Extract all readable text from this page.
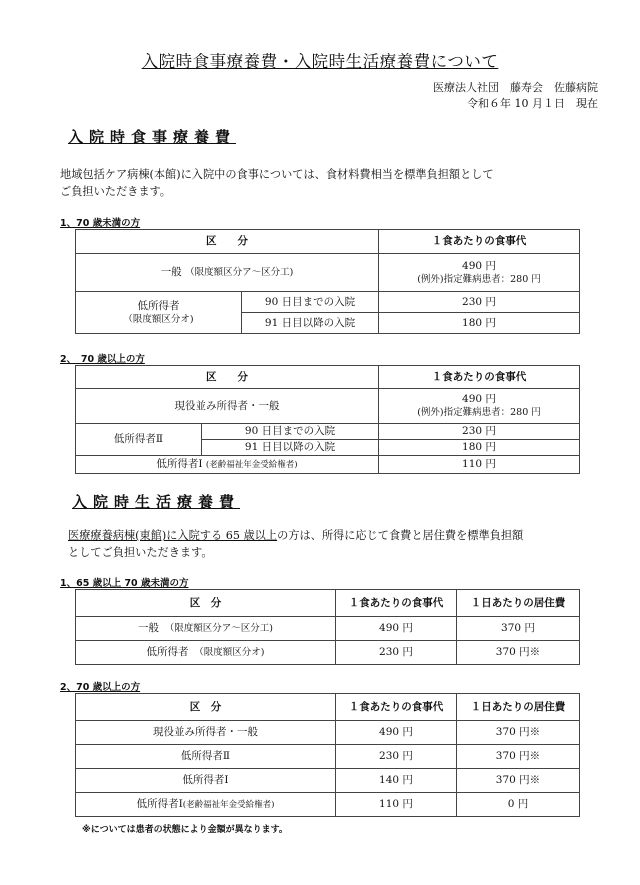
入院時食事療養費・入院時生活療養費について
医療法人社団　藤寿会　佐藤病院
令和６年 10 月１日　現在
入院時食事療養費
地域包括ケア病棟(本館)に入院中の食事については、食材料費相当を標準負担額として
ご負担いただきます。
1、70 歳未満の方
区　　分		１食あたりの食事代
一般 （限度額区分ア～区分工)		490 円
(例外)指定難病患者：280 円

低所得者
（限度額区分オ)	90 日目までの入院	230 円
	91 日目以降の入院	180 円
2、　70 歳以上の方
区　　分		１食あたりの食事代
現役並み所得者・一般		490 円
(例外)指定難病患者：280 円

低所得者Ⅱ	90 日目までの入院	230 円
	91 日目以降の入院	180 円
低所得者Ⅰ (老齢福祉年金受給権者)		110 円
入院時生活療養費
医療療養病棟(東館)に入院する 65 歳以上の方は、所得に応じて食費と居住費を標準負担額
としてご負担いただきます。
1、65 歳以上 70 歳未満の方
区　分	１食あたりの食事代	１日あたりの居住費
一般　 （限度額区分ア～区分工)	490 円	370 円
低所得者　 （限度額区分オ)	230 円	370 円※
2、70 歳以上の方
区　分	１食あたりの食事代	１日あたりの居住費
現役並み所得者・一般	490 円	370 円※
低所得者Ⅱ	230 円	370 円※
低所得者Ⅰ	140 円	370 円※
低所得者Ⅰ(老齢福祉年金受給権者)	110 円	0 円
※については患者の状態により金額が異なります。
